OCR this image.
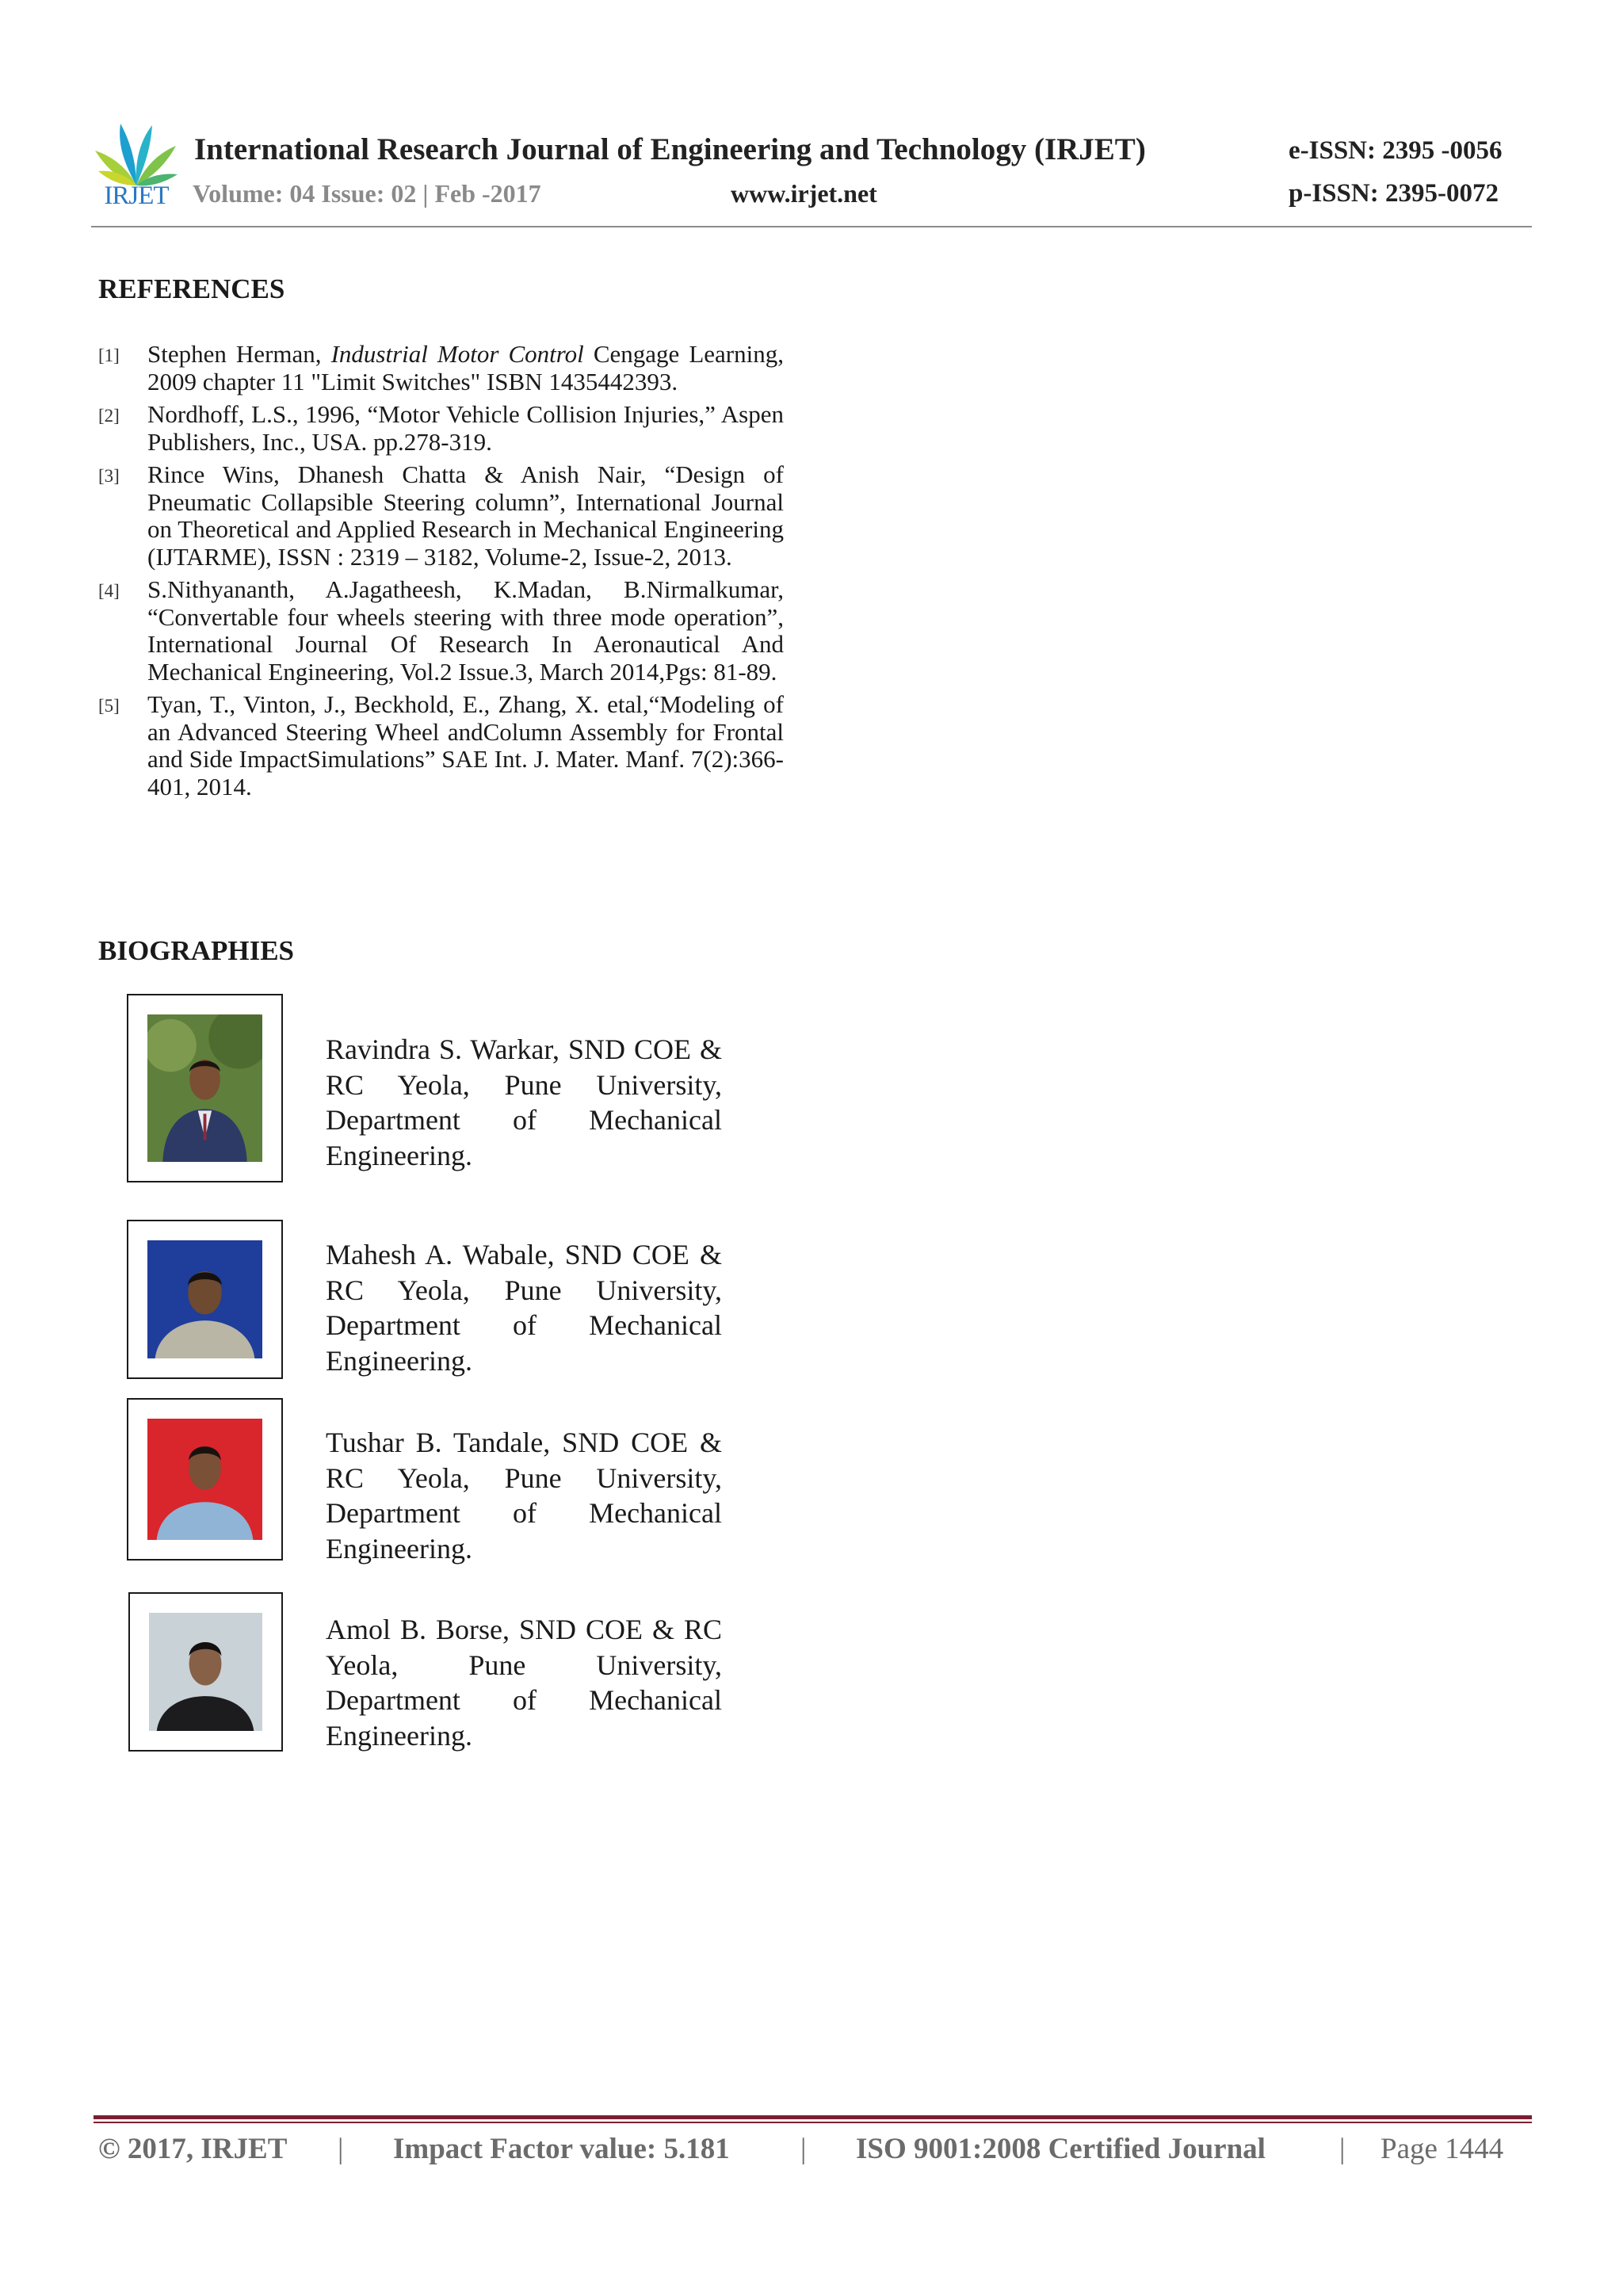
IRJET
International Research Journal of Engineering and Technology (IRJET)	e-ISSN: 2395 -0056
Volume: 04 Issue: 02 | Feb -2017	www.irjet.net	p-ISSN: 2395-0072
REFERENCES
[1] Stephen Herman, Industrial Motor Control Cengage Learning, 2009 chapter 11 "Limit Switches" ISBN 1435442393.
[2] Nordhoff, L.S., 1996, “Motor Vehicle Collision Injuries,” Aspen Publishers, Inc., USA. pp.278-319.
[3] Rince Wins, Dhanesh Chatta & Anish Nair, “Design of Pneumatic Collapsible Steering column”, International Journal on Theoretical and Applied Research in Mechanical Engineering (IJTARME), ISSN : 2319 – 3182, Volume-2, Issue-2, 2013.
[4] S.Nithyananth, A.Jagatheesh, K.Madan, B.Nirmalkumar, “Convertable four wheels steering with three mode operation”, International Journal Of Research In Aeronautical And Mechanical Engineering, Vol.2 Issue.3, March 2014,Pgs: 81-89.
[5] Tyan, T., Vinton, J., Beckhold, E., Zhang, X. etal,“Modeling of an Advanced Steering Wheel andColumn Assembly for Frontal and Side ImpactSimulations” SAE Int. J. Mater. Manf. 7(2):366-401, 2014.
BIOGRAPHIES
Ravindra S. Warkar, SND COE & RC Yeola, Pune University, Department of Mechanical Engineering.
Mahesh A. Wabale, SND COE & RC Yeola, Pune University, Department of Mechanical Engineering.
Tushar B. Tandale, SND COE & RC Yeola, Pune University, Department of Mechanical Engineering.
Amol B. Borse, SND COE & RC Yeola, Pune University, Department of Mechanical Engineering.
© 2017, IRJET | Impact Factor value: 5.181 | ISO 9001:2008 Certified Journal	| Page 1444
